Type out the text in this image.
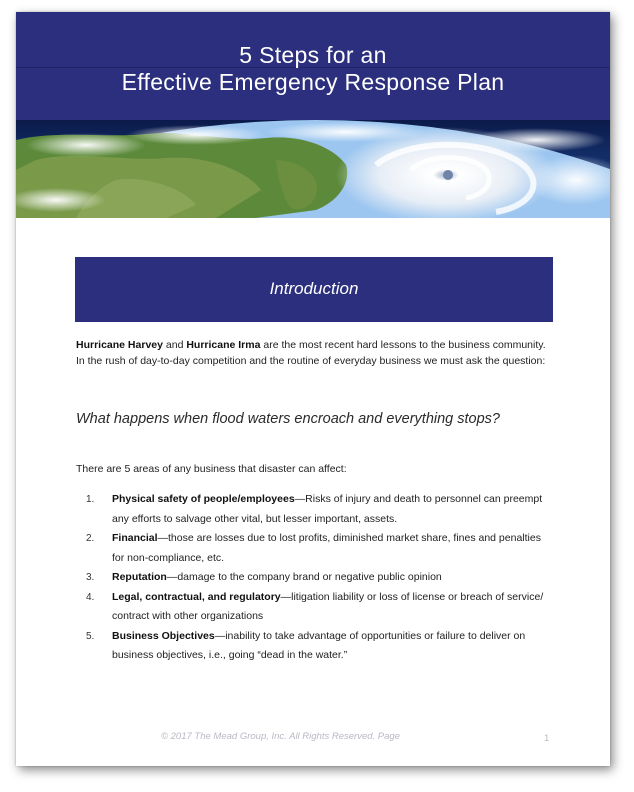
5 Steps for an
Effective Emergency Response Plan
Introduction
Hurricane Harvey and Hurricane Irma are the most recent hard lessons to the business community. In the rush of day-to-day competition and the routine of everyday business we must ask the question:
What happens when flood waters encroach and everything stops?
There are 5 areas of any business that disaster can affect:
1.	Physical safety of people/employees—Risks of injury and death to personnel can preempt any efforts to salvage other vital, but lesser important, assets.
2.	Financial—those are losses due to lost profits, diminished market share, fines and penalties for non-compliance, etc.
3.	Reputation—damage to the company brand or negative public opinion
4.	Legal, contractual, and regulatory—litigation liability or loss of license or breach of service/ contract with other organizations
5.	Business Objectives—inability to take advantage of opportunities or failure to deliver on business objectives, i.e., going “dead in the water.”
© 2017 The Mead Group, Inc. All Rights Reserved. Page	1
